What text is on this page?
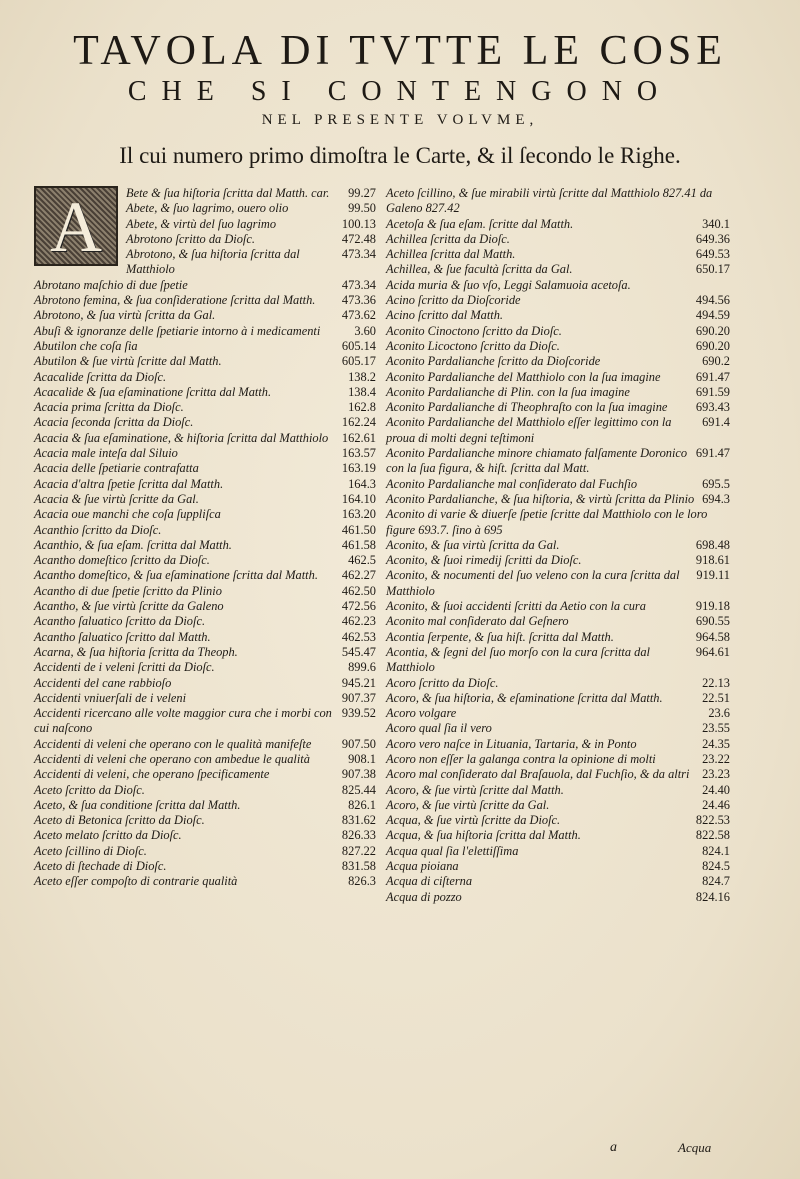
TAVOLA DI TVTTE LE COSE
CHE SI CONTENGONO
NEL PRESENTE VOLVME,
Il cui numero primo dimoſtra le Carte, & il ſecondo le Righe.

99.27
Bete & ſua hiſtoria ſcritta dal Matth. car.

99.50
Abete, & ſuo lagrimo, ouero olio

100.13
Abete, & virtù del ſuo lagrimo

472.48
Abrotono ſcritto da Dioſc.

473.34
Abrotono, & ſua hiſtoria ſcritta dal Matthiolo

473.34
Abrotano maſchio di due ſpetie

473.36
Abrotono femina, & ſua conſideratione ſcritta dal Matth.

473.62
Abrotono, & ſua virtù ſcritta da Gal.

3.60
Abuſi & ignoranze delle ſpetiarie intorno à i medicamenti

605.14
Abutilon che coſa ſia

605.17
Abutilon & ſue virtù ſcritte dal Matth.

138.2
Acacalide ſcritta da Dioſc.

138.4
Acacalide & ſua eſaminatione ſcritta dal Matth.

162.8
Acacia prima ſcritta da Dioſc.

162.24
Acacia ſeconda ſcritta da Dioſc.

162.61
Acacia & ſua eſaminatione, & hiſtoria ſcritta dal Matthiolo

163.57
Acacia male inteſa dal Siluio

163.19
Acacia delle ſpetiarie contrafatta

164.3
Acacia d'altra ſpetie ſcritta dal Matth.

164.10
Acacia & ſue virtù ſcritte da Gal.

163.20
Acacia oue manchi che coſa ſuppliſca

461.50
Acanthio ſcritto da Dioſc.

461.58
Acanthio, & ſua eſam. ſcritta dal Matth.

462.5
Acantho domeſtico ſcritto da Dioſc.

462.27
Acantho domeſtico, & ſua eſaminatione ſcritta dal Matth.

462.50
Acantho di due ſpetie ſcritto da Plinio

472.56
Acantho, & ſue virtù ſcritte da Galeno

462.23
Acantho ſaluatico ſcritto da Dioſc.

462.53
Acantho ſaluatico ſcritto dal Matth.

545.47
Acarna, & ſua hiſtoria ſcritta da Theoph.

899.6
Accidenti de i veleni ſcritti da Dioſc.

945.21
Accidenti del cane rabbioſo

907.37
Accidenti vniuerſali de i veleni

939.52
Accidenti ricercano alle volte maggior cura che i morbi con cui naſcono

907.50
Accidenti di veleni che operano con le qualità manifeſte

908.1
Accidenti di veleni che operano con ambedue le qualità

907.38
Accidenti di veleni, che operano ſpecificamente

825.44
Aceto ſcritto da Dioſc.

826.1
Aceto, & ſua conditione ſcritta dal Matth.

831.62
Aceto di Betonica ſcritto da Dioſc.

826.33
Aceto melato ſcritto da Dioſc.

827.22
Aceto ſcillino di Dioſc.

831.58
Aceto di ſtechade di Dioſc.

826.3
Aceto eſſer compoſto di contrarie qualità

Aceto ſcillino, & ſue mirabili virtù ſcritte dal Matthiolo 827.41 da Galeno 827.42

340.1
Acetoſa & ſua eſam. ſcritte dal Matth.

649.36
Achillea ſcritta da Dioſc.

649.53
Achillea ſcritta dal Matth.

650.17
Achillea, & ſue facultà ſcritta da Gal.

Acida muria & ſuo vſo, Leggi Salamuoia acetoſa.

494.56
Acino ſcritto da Dioſcoride

494.59
Acino ſcritto dal Matth.

690.20
Aconito Cinoctono ſcritto da Dioſc.

690.20
Aconito Licoctono ſcritto da Dioſc.

690.2
Aconito Pardalianche ſcritto da Dioſcoride

691.47
Aconito Pardalianche del Matthiolo con la ſua imagine

691.59
Aconito Pardalianche di Plin. con la ſua imagine

693.43
Aconito Pardalianche di Theophraſto con la ſua imagine

691.4
Aconito Pardalianche del Matthiolo eſſer legittimo con la proua di molti degni teſtimoni

691.47
Aconito Pardalianche minore chiamato falſamente Doronico con la ſua figura, & hiſt. ſcritta dal Matt.

695.5
Aconito Pardalianche mal conſiderato dal Fuchſio

694.3
Aconito Pardalianche, & ſua hiſtoria, & virtù ſcritta da Plinio

Aconito di varie & diuerſe ſpetie ſcritte dal Matthiolo con le loro figure 693.7. ſino à 695

698.48
Aconito, & ſua virtù ſcritta da Gal.

918.61
Aconito, & ſuoi rimedij ſcritti da Dioſc.

919.11
Aconito, & nocumenti del ſuo veleno con la cura ſcritta dal Matthiolo

919.18
Aconito, & ſuoi accidenti ſcritti da Aetio con la cura

690.55
Aconito mal conſiderato dal Geſnero

964.58
Acontia ſerpente, & ſua hiſt. ſcritta dal Matth.

964.61
Acontia, & ſegni del ſuo morſo con la cura ſcritta dal Matthiolo

22.13
Acoro ſcritto da Dioſc.

22.51
Acoro, & ſua hiſtoria, & eſaminatione ſcritta dal Matth.

23.6
Acoro volgare

23.55
Acoro qual ſia il vero

24.35
Acoro vero naſce in Lituania, Tartaria, & in Ponto

23.22
Acoro non eſſer la galanga contra la opinione di molti

23.23
Acoro mal conſiderato dal Braſauola, dal Fuchſio, & da altri

24.40
Acoro, & ſue virtù ſcritte dal Matth.

24.46
Acoro, & ſue virtù ſcritte da Gal.

822.53
Acqua, & ſue virtù ſcritte da Dioſc.

822.58
Acqua, & ſua hiſtoria ſcritta dal Matth.

824.1
Acqua qual ſia l'elettiſſima

824.5
Acqua pioiana

824.7
Acqua di ciſterna

824.16
Acqua di pozzo

A
a	Acqua
